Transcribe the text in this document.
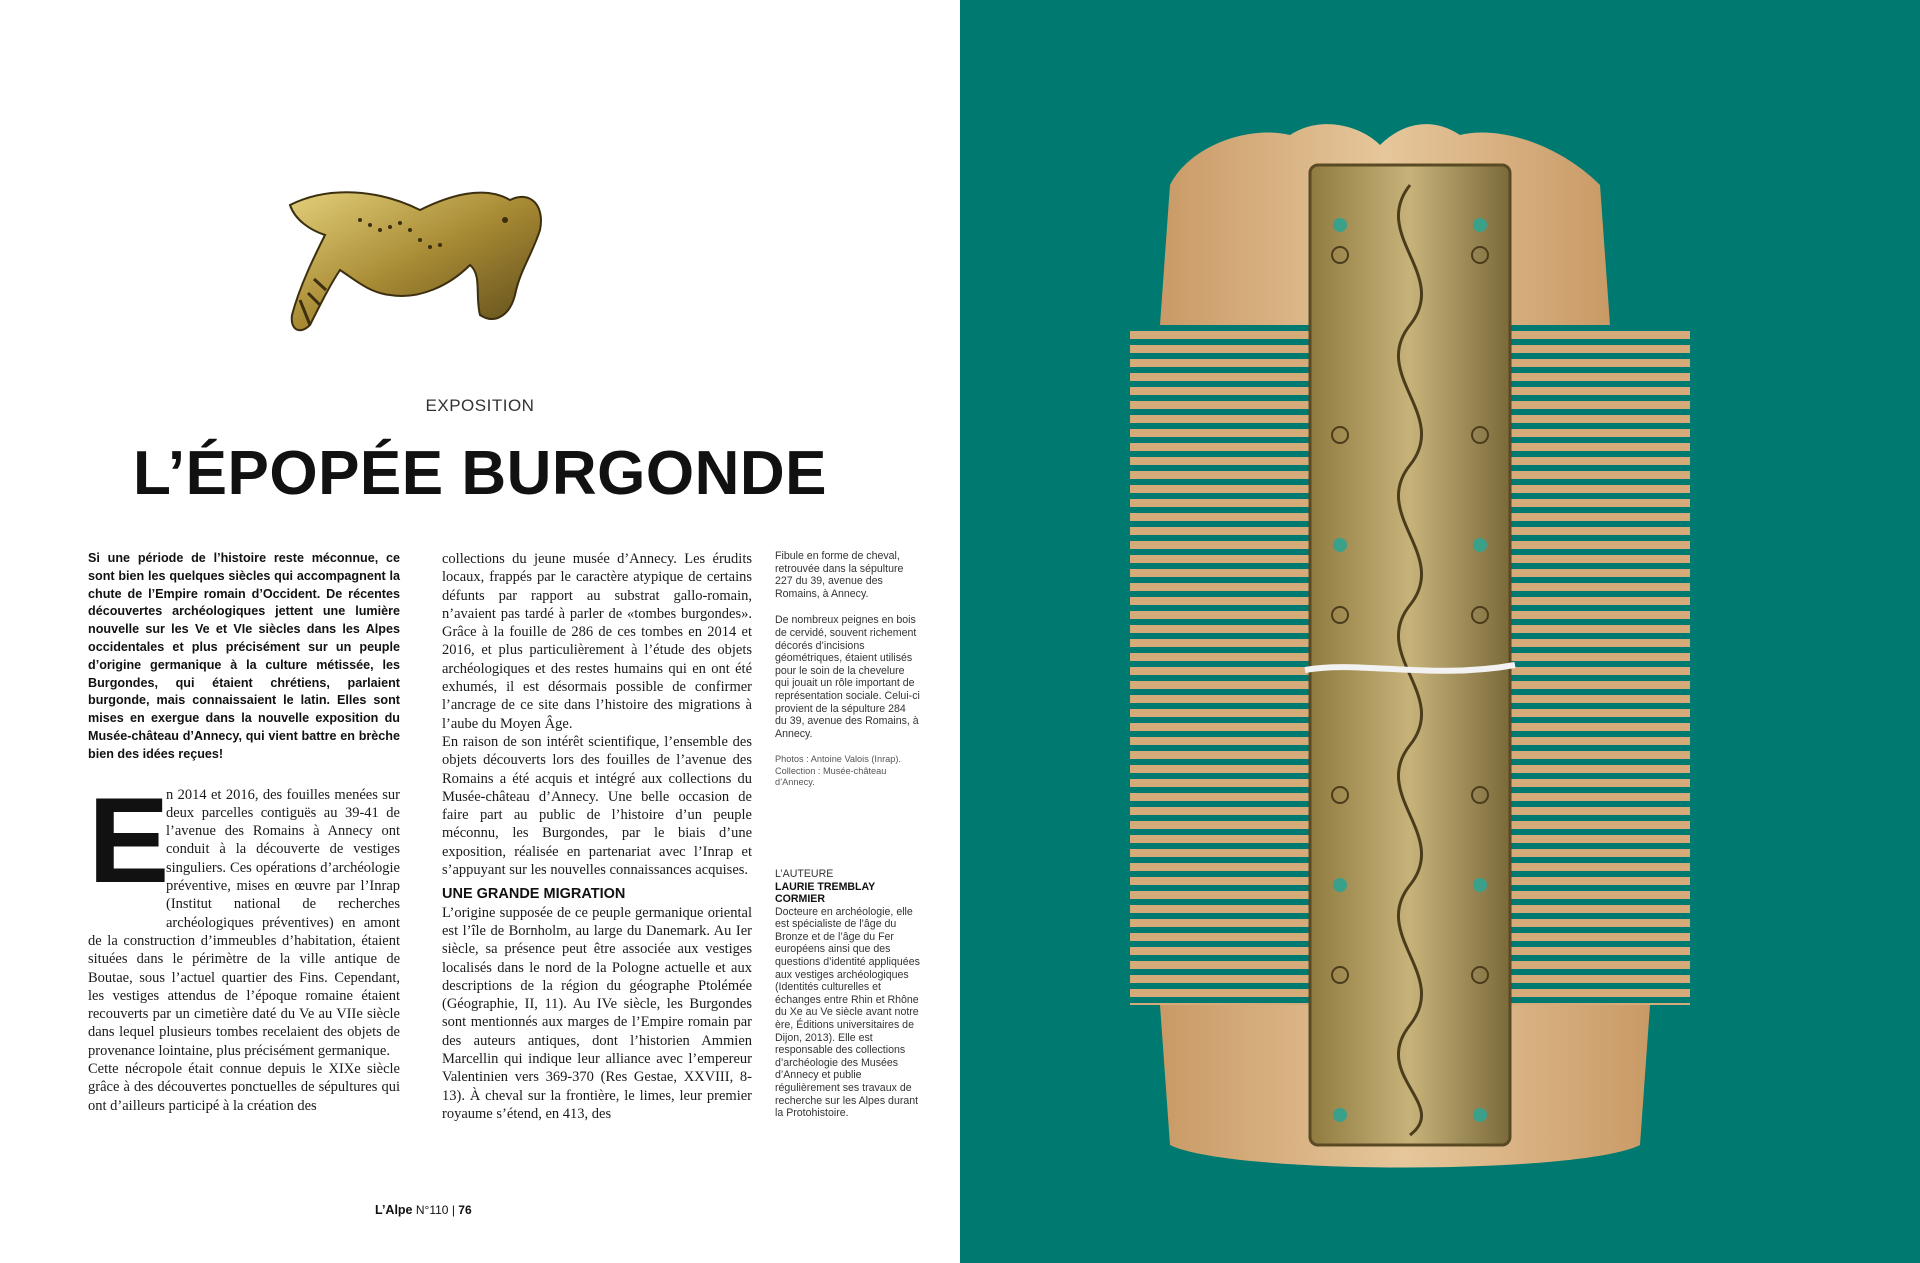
EXPOSITION
L’ÉPOPÉE BURGONDE
Si une période de l’histoire reste méconnue, ce sont bien les quelques siècles qui accompagnent la chute de l’Empire romain d’Occident. De récentes découvertes archéologiques jettent une lumière nouvelle sur les Ve et VIe siècles dans les Alpes occidentales et plus précisément sur un peuple d’origine germanique à la culture métissée, les Burgondes, qui étaient chrétiens, parlaient burgonde, mais connaissaient le latin. Elles sont mises en exergue dans la nouvelle exposition du Musée-château d’Annecy, qui vient battre en brèche bien des idées reçues!
E

n 2014 et 2016, des fouilles menées sur deux parcelles contiguës au 39-41 de l’avenue des Romains à Annecy ont conduit à la découverte de vestiges singuliers. Ces opérations d’archéologie préventive, mises en œuvre par l’Inrap (Institut national de recherches archéologiques préventives) en amont de la construction d’immeubles d’habitation, étaient situées dans le périmètre de la ville antique de Boutae, sous l’actuel quartier des Fins. Cependant, les vestiges attendus de l’époque romaine étaient recouverts par un cimetière daté du Ve au VIIe siècle dans lequel plusieurs tombes recelaient des objets de provenance lointaine, plus précisément germanique.

Cette nécropole était connue depuis le XIXe siècle grâce à des découvertes ponctuelles de sépultures qui ont d’ailleurs participé à la création des

collections du jeune musée d’Annecy. Les érudits locaux, frappés par le caractère atypique de certains défunts par rapport au substrat gallo-romain, n’avaient pas tardé à parler de «tombes burgondes». Grâce à la fouille de 286 de ces tombes en 2014 et 2016, et plus particulièrement à l’étude des objets archéologiques et des restes humains qui en ont été exhumés, il est désormais possible de confirmer l’ancrage de ce site dans l’histoire des migrations à l’aube du Moyen Âge.

En raison de son intérêt scientifique, l’ensemble des objets découverts lors des fouilles de l’avenue des Romains a été acquis et intégré aux collections du Musée-château d’Annecy. Une belle occasion de faire part au public de l’histoire d’un peuple méconnu, les Burgondes, par le biais d’une exposition, réalisée en partenariat avec l’Inrap et s’appuyant sur les nouvelles connaissances acquises.

UNE GRANDE MIGRATION

L’origine supposée de ce peuple germanique oriental est l’île de Bornholm, au large du Danemark. Au Ier siècle, sa présence peut être associée aux vestiges localisés dans le nord de la Pologne actuelle et aux descriptions de la région du géographe Ptolémée (Géographie, II, 11). Au IVe siècle, les Burgondes sont mentionnés aux marges de l’Empire romain par des auteurs antiques, dont l’historien Ammien Marcellin qui indique leur alliance avec l’empereur Valentinien vers 369-370 (Res Gestae, XXVIII, 8-13). À cheval sur la frontière, le limes, leur premier royaume s’étend, en 413, des

Fibule en forme de cheval, retrouvée dans la sépulture 227 du 39, avenue des Romains, à Annecy.
De nombreux peignes en bois de cervidé, souvent richement décorés d’incisions géométriques, étaient utilisés pour le soin de la chevelure qui jouait un rôle important de représentation sociale. Celui-ci provient de la sépulture 284 du 39, avenue des Romains, à Annecy.
Photos : Antoine Valois (Inrap). Collection : Musée-château d’Annecy.
L’AUTEURE
LAURIE TREMBLAY CORMIER
Docteure en archéologie, elle est spécialiste de l’âge du Bronze et de l’âge du Fer européens ainsi que des questions d’identité appliquées aux vestiges archéologiques (Identités culturelles et échanges entre Rhin et Rhône du Xe au Ve siècle avant notre ère, Éditions universitaires de Dijon, 2013). Elle est responsable des collections d’archéologie des Musées d’Annecy et publie régulièrement ses travaux de recherche sur les Alpes durant la Protohistoire.
L’Alpe N°110 | 76
